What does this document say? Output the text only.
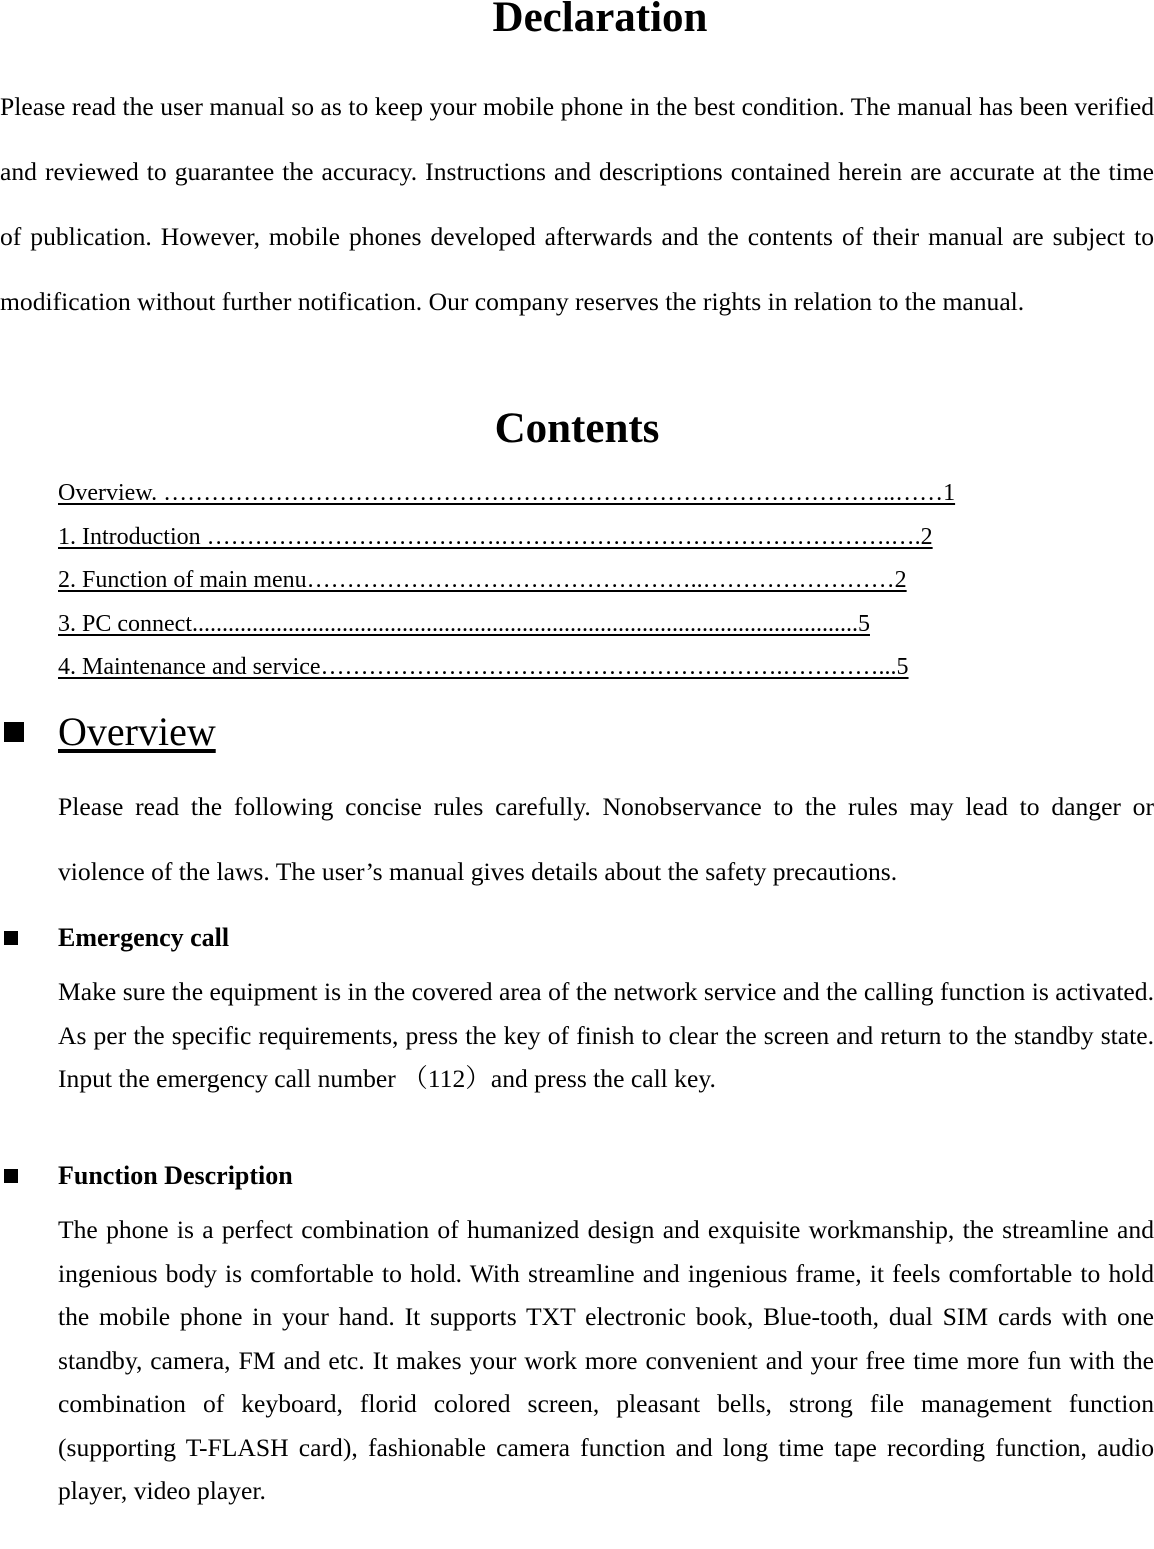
Declaration

Please read the user manual so as to keep your mobile phone in the best condition. The manual has been verified and reviewed to guarantee the accuracy. Instructions and descriptions contained herein are accurate at the time of publication. However, mobile phones developed afterwards and the contents of their manual are subject to modification without further notification. Our company reserves the rights in relation to the manual.

Contents
Overview. ………………………………………………………………………………..……1
1. Introduction ……………………………….………………………………………….….2
2. Function of main menu…………………………………………..……………………2
3. PC connect...............................................................................................................5
4. Maintenance and service………………………………………………….…………...5
Overview

Please read the following concise rules carefully. Nonobservance to the rules may lead to danger or violence of the laws. The user’s manual gives details about the safety precautions.

Emergency call

Make sure the equipment is in the covered area of the network service and the calling function is activated. As per the specific requirements, press the key of finish to clear the screen and return to the standby state. Input the emergency call number （112）and press the call key.

Function Description

The phone is a perfect combination of humanized design and exquisite workmanship, the streamline and ingenious body is comfortable to hold. With streamline and ingenious frame, it feels comfortable to hold the mobile phone in your hand. It supports TXT electronic book, Blue-tooth, dual SIM cards with one standby, camera, FM and etc. It makes your work more convenient and your free time more fun with the combination of keyboard, florid colored screen, pleasant bells, strong file management function (supporting T-FLASH card), fashionable camera function and long time tape recording function, audio player, video player.
